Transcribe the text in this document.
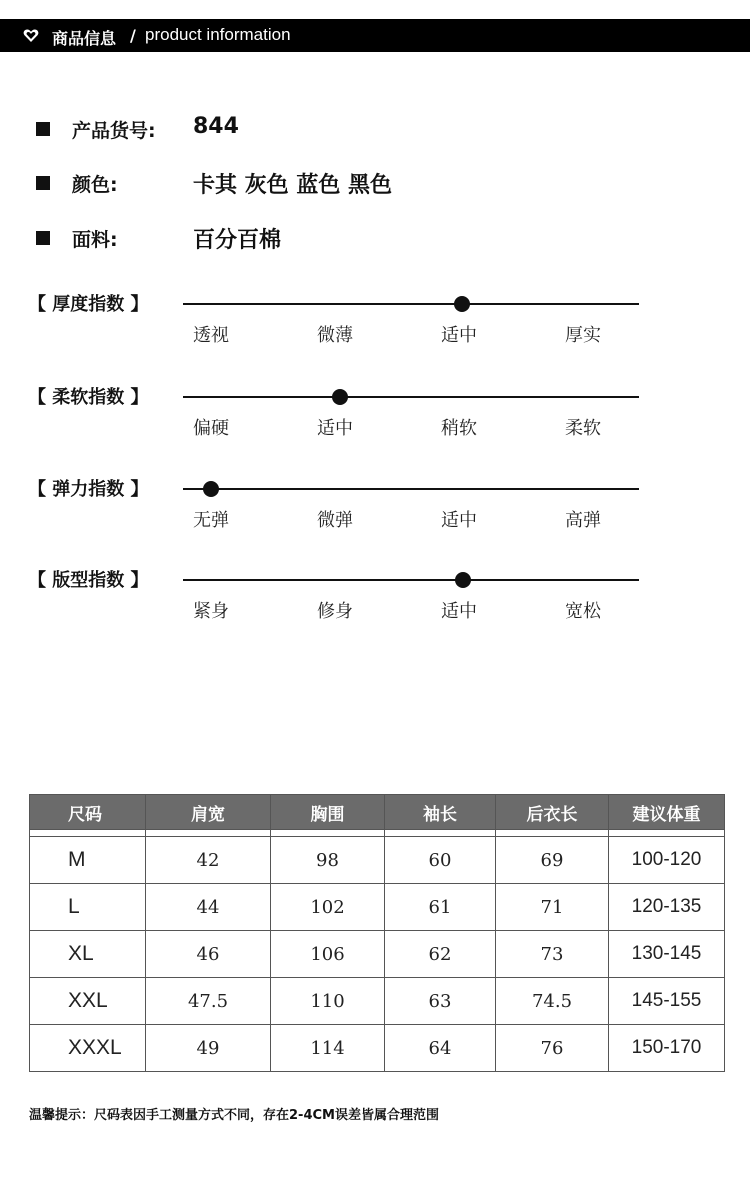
商品信息 / product information
产品货号: 844
颜色:	卡其 灰色 蓝色 黑色
面料:	百分百棉
【 厚度指数 】
透视	微薄	适中	厚实
【 柔软指数 】
偏硬	适中	稍软	柔软
【 弹力指数 】
无弹	微弹	适中	高弹
【 版型指数 】
紧身	修身	适中	宽松
尺码	肩宽	胸围	袖长	后衣长	建议体重

M	42	98	60	69	100-120
L	44	102	61	71	120-135
XL	46	106	62	73	130-145
XXL	47.5	110	63	74.5	145-155
XXXL	49	114	64	76	150-170
温馨提示：尺码表因手工测量方式不同，存在2-4CM误差皆属合理范围
